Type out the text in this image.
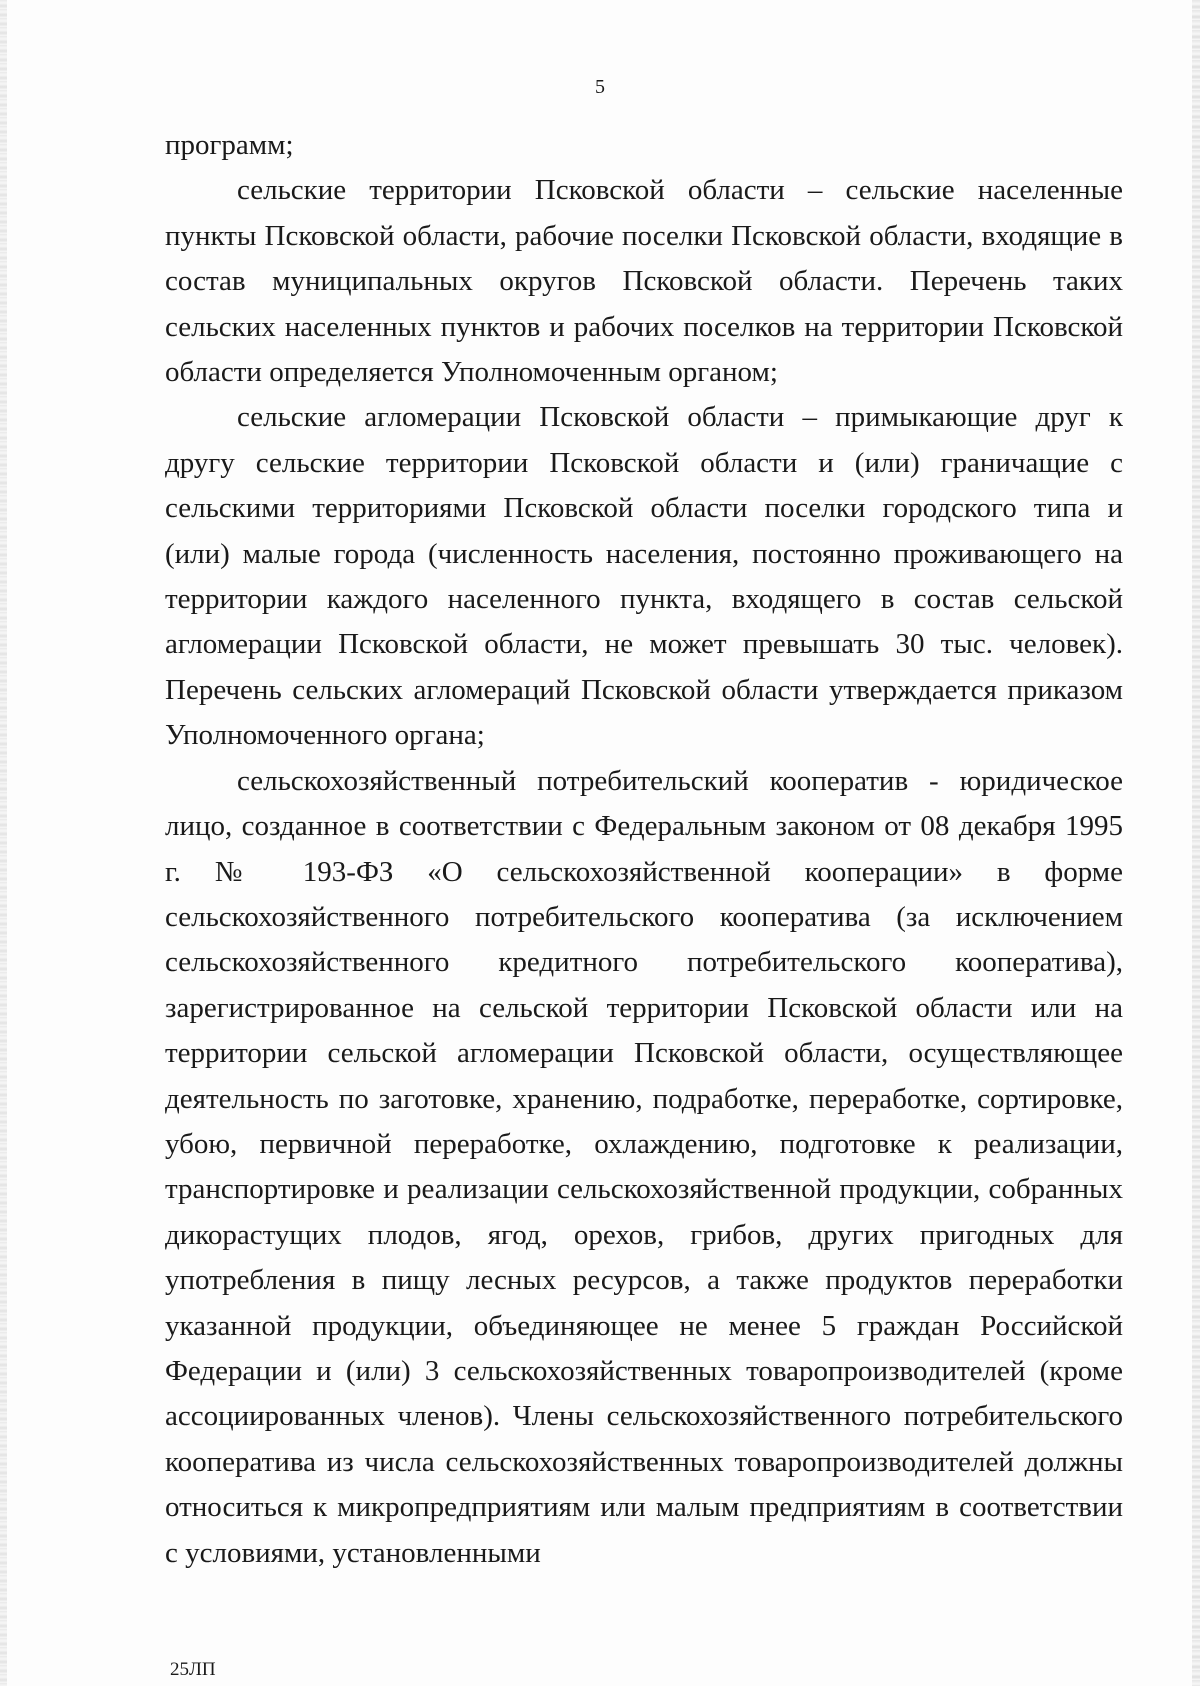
5

программ;

сельские территории Псковской области – сельские населенные пункты Псковской области, рабочие поселки Псковской области, входящие в состав муниципальных округов Псковской области. Перечень таких сельских населенных пунктов и рабочих поселков на территории Псковской области определяется Уполномоченным органом;

сельские агломерации Псковской области – примыкающие друг к другу сельские территории Псковской области и (или) граничащие с сельскими территориями Псковской области поселки городского типа и (или) малые города (численность населения, постоянно проживающего на территории каждого населенного пункта, входящего в состав сельской агломерации Псковской области, не может превышать 30 тыс. человек). Перечень сельских агломераций Псковской области утверждается приказом Уполномоченного органа;

сельскохозяйственный потребительский кооператив - юридическое лицо, созданное в соответствии с Федеральным законом от 08 декабря 1995 г. № 193-ФЗ «О сельскохозяйственной кооперации» в форме сельскохозяйственного потребительского кооператива (за исключением сельскохозяйственного кредитного потребительского кооператива), зарегистрированное на сельской территории Псковской области или на территории сельской агломерации Псковской области, осуществляющее деятельность по заготовке, хранению, подработке, переработке, сортировке, убою, первичной переработке, охлаждению, подготовке к реализации, транспортировке и реализации сельскохозяйственной продукции, собранных дикорастущих плодов, ягод, орехов, грибов, других пригодных для употребления в пищу лесных ресурсов, а также продуктов переработки указанной продукции, объединяющее не менее 5 граждан Российской Федерации и (или) 3 сельскохозяйственных товаропроизводителей (кроме ассоциированных членов). Члены сельскохозяйственного потребительского кооператива из числа сельскохозяйственных товаропроизводителей должны относиться к микропредприятиям или малым предприятиям в соответствии с условиями, установленными

25ЛП
